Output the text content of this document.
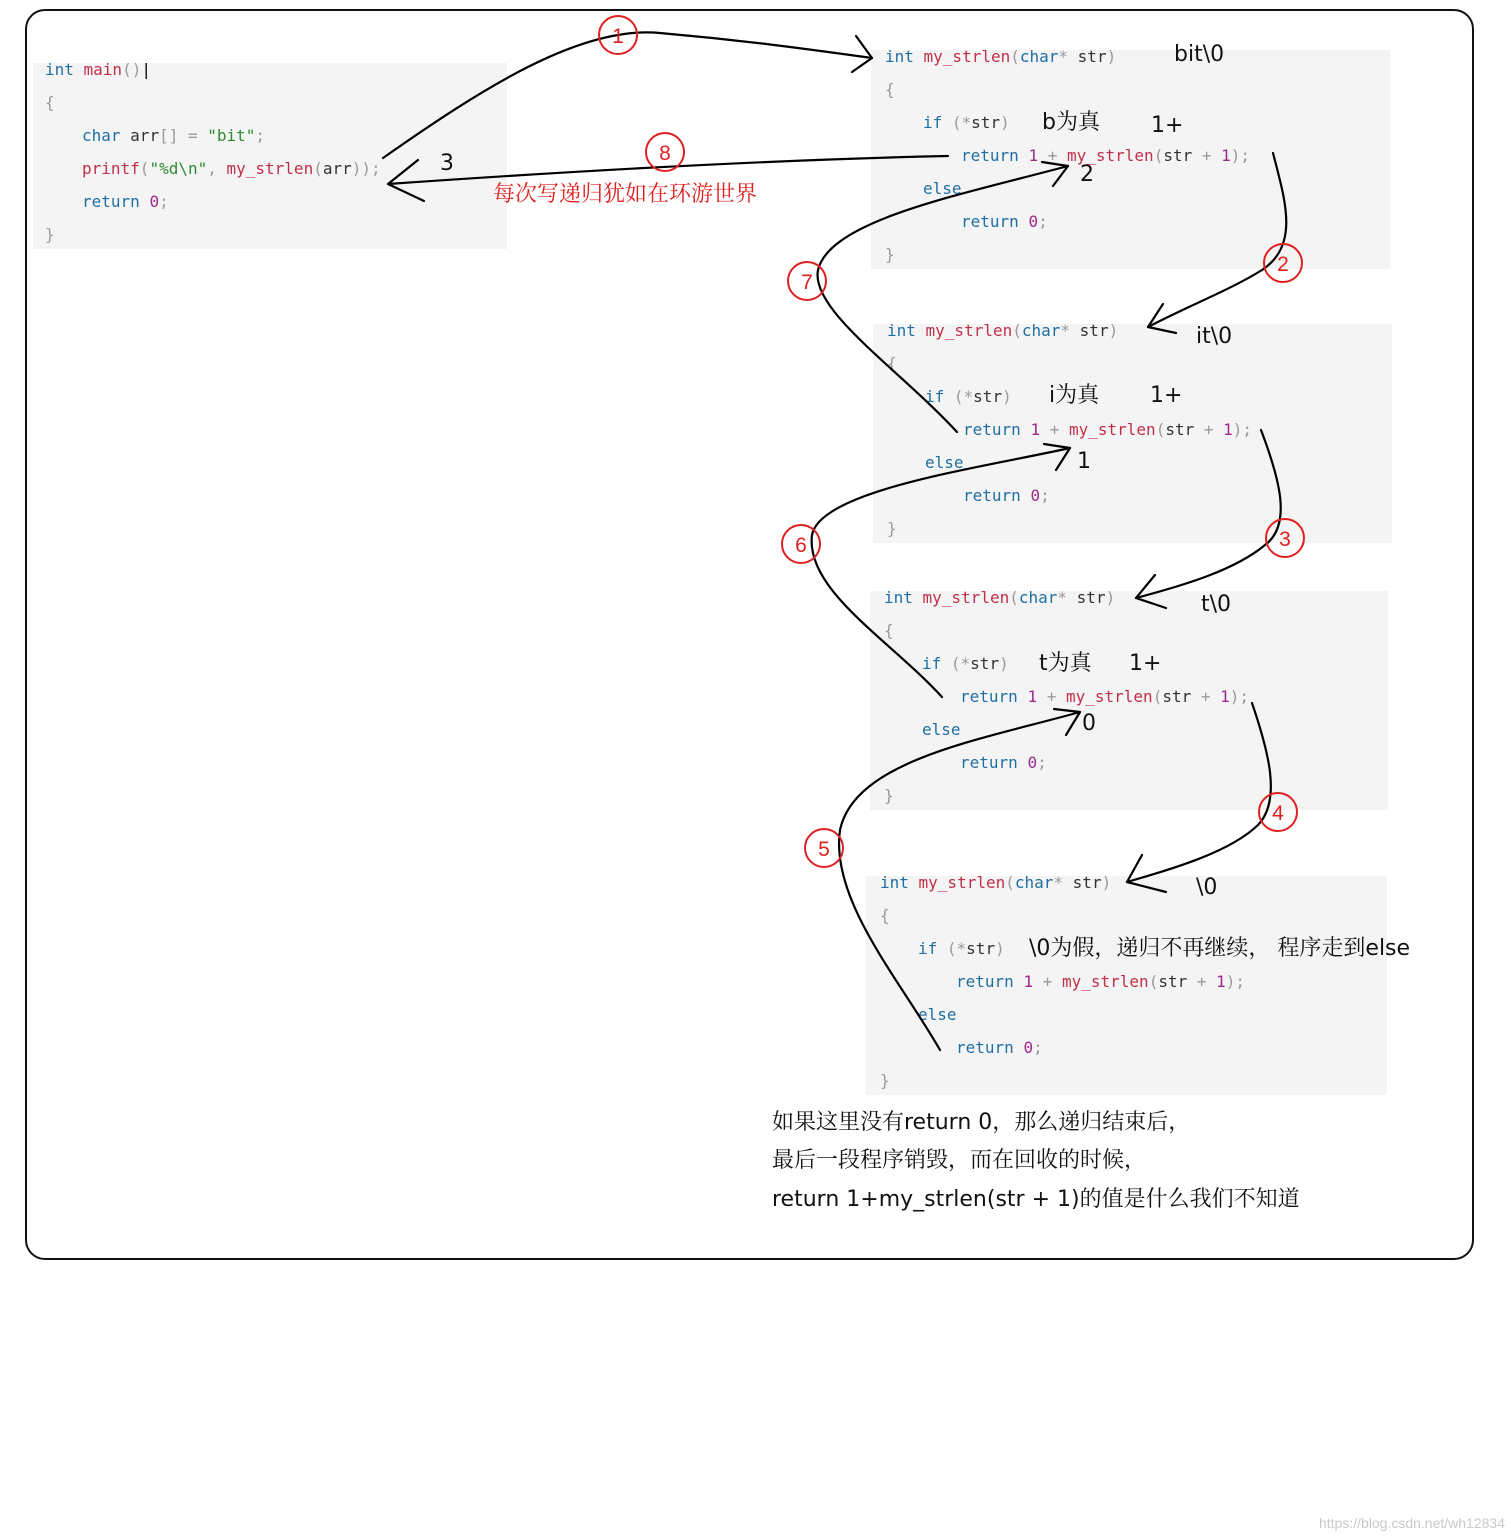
int main()|
{
char arr[] = "bit";
printf("%d\n", my_strlen(arr));
return 0;
}
int my_strlen(char* str)
{
if (*str)
return 1 + my_strlen(str + 1);
else
return 0;
}
int my_strlen(char* str)
{
if (*str)
return 1 + my_strlen(str + 1);
else
return 0;
}
int my_strlen(char* str)
{
if (*str)
return 1 + my_strlen(str + 1);
else
return 0;
}
int my_strlen(char* str)
{
if (*str)
return 1 + my_strlen(str + 1);
else
return 0;
}
bit\0
b为真 1+
2
it\0
i为真 1+
1
t\0
t为真 1+
0
\0
\0为假，递归不再继续， 程序走到else
3
每次写递归犹如在环游世界
如果这里没有return 0，那么递归结束后，
最后一段程序销毁，而在回收的时候，
return 1+my_strlen(str + 1)的值是什么我们不知道
1
2
3
4
5
6
7
8
https://blog.csdn.net/wh12834
